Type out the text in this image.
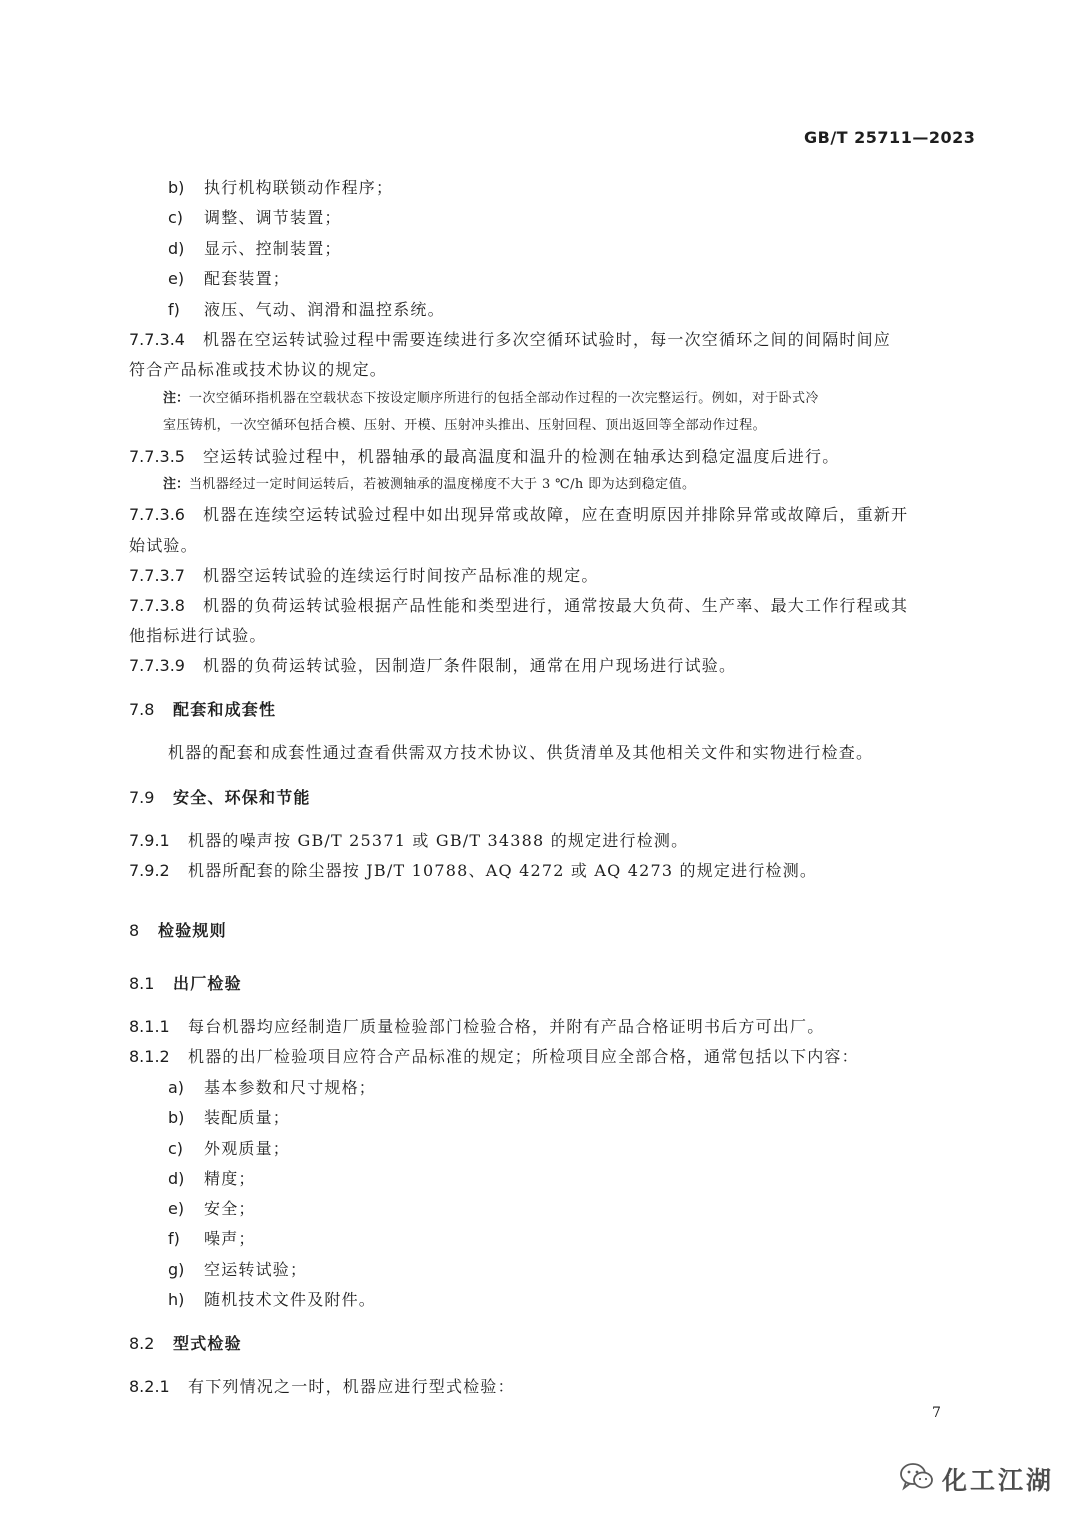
GB/T 25711—2023
b) 执行机构联锁动作程序；
c) 调整、调节装置；
d) 显示、控制装置；
e) 配套装置；
f) 液压、气动、润滑和温控系统。
7.7.3.4 机器在空运转试验过程中需要连续进行多次空循环试验时，每一次空循环之间的间隔时间应
符合产品标准或技术协议的规定。
注：一次空循环指机器在空载状态下按设定顺序所进行的包括全部动作过程的一次完整运行。例如，对于卧式冷
室压铸机，一次空循环包括合模、压射、开模、压射冲头推出、压射回程、顶出返回等全部动作过程。
7.7.3.5 空运转试验过程中，机器轴承的最高温度和温升的检测在轴承达到稳定温度后进行。
注：当机器经过一定时间运转后，若被测轴承的温度梯度不大于 3 ℃/h 即为达到稳定值。
7.7.3.6 机器在连续空运转试验过程中如出现异常或故障，应在查明原因并排除异常或故障后，重新开
始试验。
7.7.3.7 机器空运转试验的连续运行时间按产品标准的规定。
7.7.3.8 机器的负荷运转试验根据产品性能和类型进行，通常按最大负荷、生产率、最大工作行程或其
他指标进行试验。
7.7.3.9 机器的负荷运转试验，因制造厂条件限制，通常在用户现场进行试验。
7.8 配套和成套性
机器的配套和成套性通过查看供需双方技术协议、供货清单及其他相关文件和实物进行检查。
7.9 安全、环保和节能
7.9.1 机器的噪声按 GB/T 25371 或 GB/T 34388 的规定进行检测。
7.9.2 机器所配套的除尘器按 JB/T 10788、AQ 4272 或 AQ 4273 的规定进行检测。
8 检验规则
8.1 出厂检验
8.1.1 每台机器均应经制造厂质量检验部门检验合格，并附有产品合格证明书后方可出厂。
8.1.2 机器的出厂检验项目应符合产品标准的规定；所检项目应全部合格，通常包括以下内容：
a) 基本参数和尺寸规格；
b) 装配质量；
c) 外观质量；
d) 精度；
e) 安全；
f) 噪声；
g) 空运转试验；
h) 随机技术文件及附件。
8.2 型式检验
8.2.1 有下列情况之一时，机器应进行型式检验：
7
化工江湖
